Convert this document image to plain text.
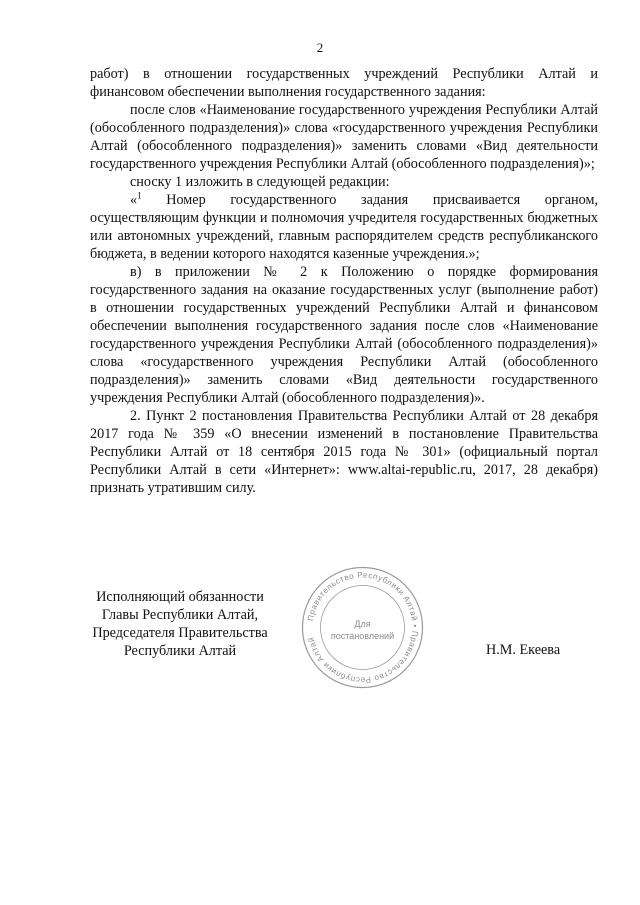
2

работ) в отношении государственных учреждений Республики Алтай и финансовом обеспечении выполнения государственного задания:

после слов «Наименование государственного учреждения Республики Алтай (обособленного подразделения)» слова «государственного учреждения Республики Алтай (обособленного подразделения)» заменить словами «Вид деятельности государственного учреждения Республики Алтай (обособленного подразделения)»;

сноску 1 изложить в следующей редакции:

«$^1$ Номер государственного задания присваивается органом, осуществляющим функции и полномочия учредителя государственных бюджетных или автономных учреждений, главным распорядителем средств республиканского бюджета, в ведении которого находятся казенные учреждения.»;

в) в приложении № 2 к Положению о порядке формирования государственного задания на оказание государственных услуг (выполнение работ) в отношении государственных учреждений Республики Алтай и финансовом обеспечении выполнения государственного задания после слов «Наименование государственного учреждения Республики Алтай (обособленного подразделения)» слова «государственного учреждения Республики Алтай (обособленного подразделения)» заменить словами «Вид деятельности государственного учреждения Республики Алтай (обособленного подразделения)».

2. Пункт 2 постановления Правительства Республики Алтай от 28 декабря 2017 года № 359 «О внесении изменений в постановление Правительства Республики Алтай от 18 сентября 2015 года № 301» (официальный портал Республики Алтай в сети «Интернет»: www.altai-republic.ru, 2017, 28 декабря) признать утратившим силу.

Исполняющий обязанности
Главы Республики Алтай,
Председателя Правительства
Республики Алтай
Правительство Республики Алтай • Правительство Республики Алтай
Для
постановлений
Н.М. Екеева
